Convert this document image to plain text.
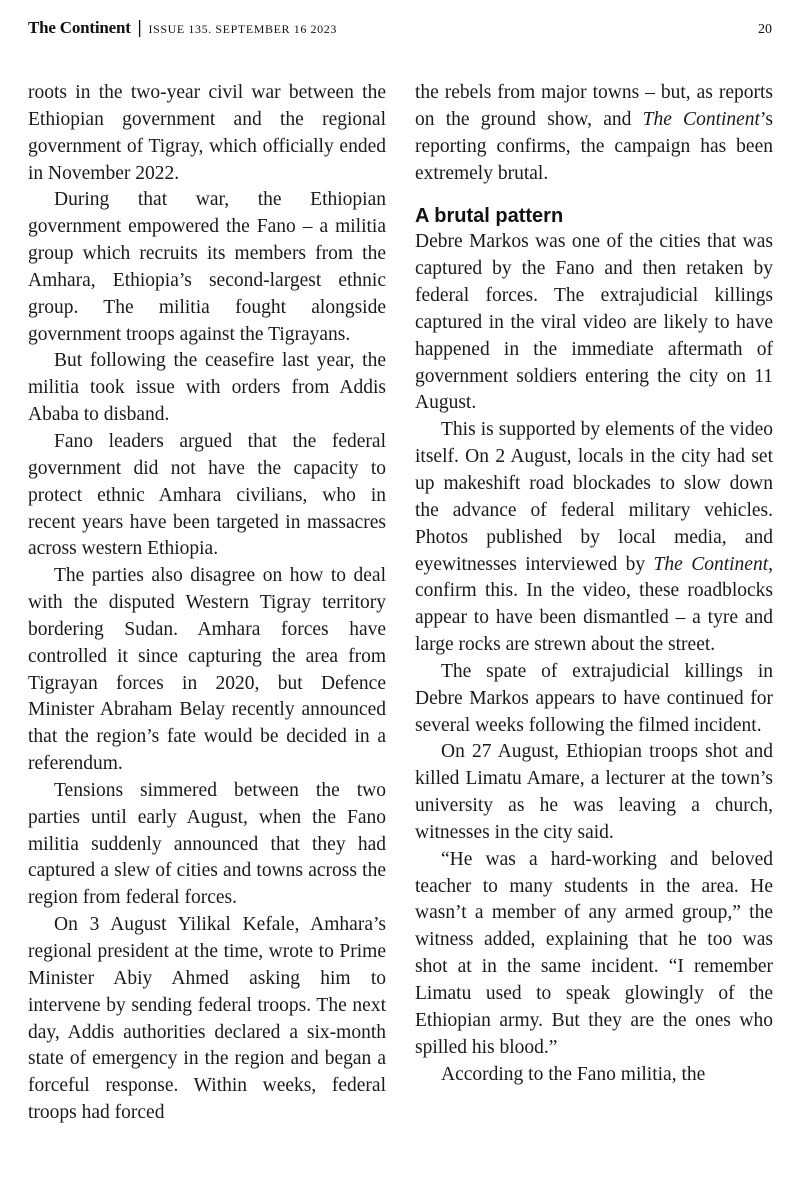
The Continent | ISSUE 135. SEPTEMBER 16 2023	20

roots in the two-year civil war between the Ethiopian government and the regional government of Tigray, which officially ended in November 2022.

During that war, the Ethiopian government empowered the Fano – a militia group which recruits its members from the Amhara, Ethiopia’s second-largest ethnic group. The militia fought alongside government troops against the Tigrayans.

But following the ceasefire last year, the militia took issue with orders from Addis Ababa to disband.

Fano leaders argued that the federal government did not have the capacity to protect ethnic Amhara civilians, who in recent years have been targeted in massacres across western Ethiopia.

The parties also disagree on how to deal with the disputed Western Tigray territory bordering Sudan. Amhara forces have controlled it since capturing the area from Tigrayan forces in 2020, but Defence Minister Abraham Belay recently announced that the region’s fate would be decided in a referendum.

Tensions simmered between the two parties until early August, when the Fano militia suddenly announced that they had captured a slew of cities and towns across the region from federal forces.

On 3 August Yilikal Kefale, Amhara’s regional president at the time, wrote to Prime Minister Abiy Ahmed asking him to intervene by sending federal troops. The next day, Addis authorities declared a six-month state of emergency in the region and began a forceful response. Within weeks, federal troops had forced

the rebels from major towns – but, as reports on the ground show, and The Continent’s reporting confirms, the campaign has been extremely brutal.

A brutal pattern

Debre Markos was one of the cities that was captured by the Fano and then retaken by federal forces. The extrajudicial killings captured in the viral video are likely to have happened in the immediate aftermath of government soldiers entering the city on 11 August.

This is supported by elements of the video itself. On 2 August, locals in the city had set up makeshift road blockades to slow down the advance of federal military vehicles. Photos published by local media, and eyewitnesses interviewed by The Continent, confirm this. In the video, these roadblocks appear to have been dismantled – a tyre and large rocks are strewn about the street.

The spate of extrajudicial killings in Debre Markos appears to have continued for several weeks following the filmed incident.

On 27 August, Ethiopian troops shot and killed Limatu Amare, a lecturer at the town’s university as he was leaving a church, witnesses in the city said.

“He was a hard-working and beloved teacher to many students in the area. He wasn’t a member of any armed group,” the witness added, explaining that he too was shot at in the same incident. “I remember Limatu used to speak glowingly of the Ethiopian army. But they are the ones who spilled his blood.”

According to the Fano militia, the
